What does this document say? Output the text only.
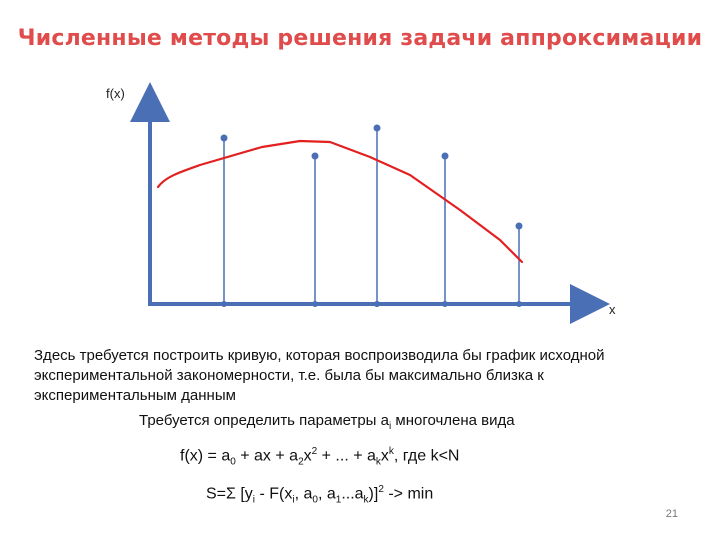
Численные методы решения задачи аппроксимации
f(x)
x
Здесь требуется построить кривую, которая воспроизводила бы график исходной экспериментальной закономерности, т.е. была бы максимально близка к экспериментальным данным
Требуется определить параметры $a_i$ многочлена вида
$f(x) = a_0$ + ax + $a_2x^2$ + ... + $a_kx^k$, где k<N
S=Σ [$y_i - F(x_i$, $a_0$, $a_1...a_k)]^2 -> \min$
21
